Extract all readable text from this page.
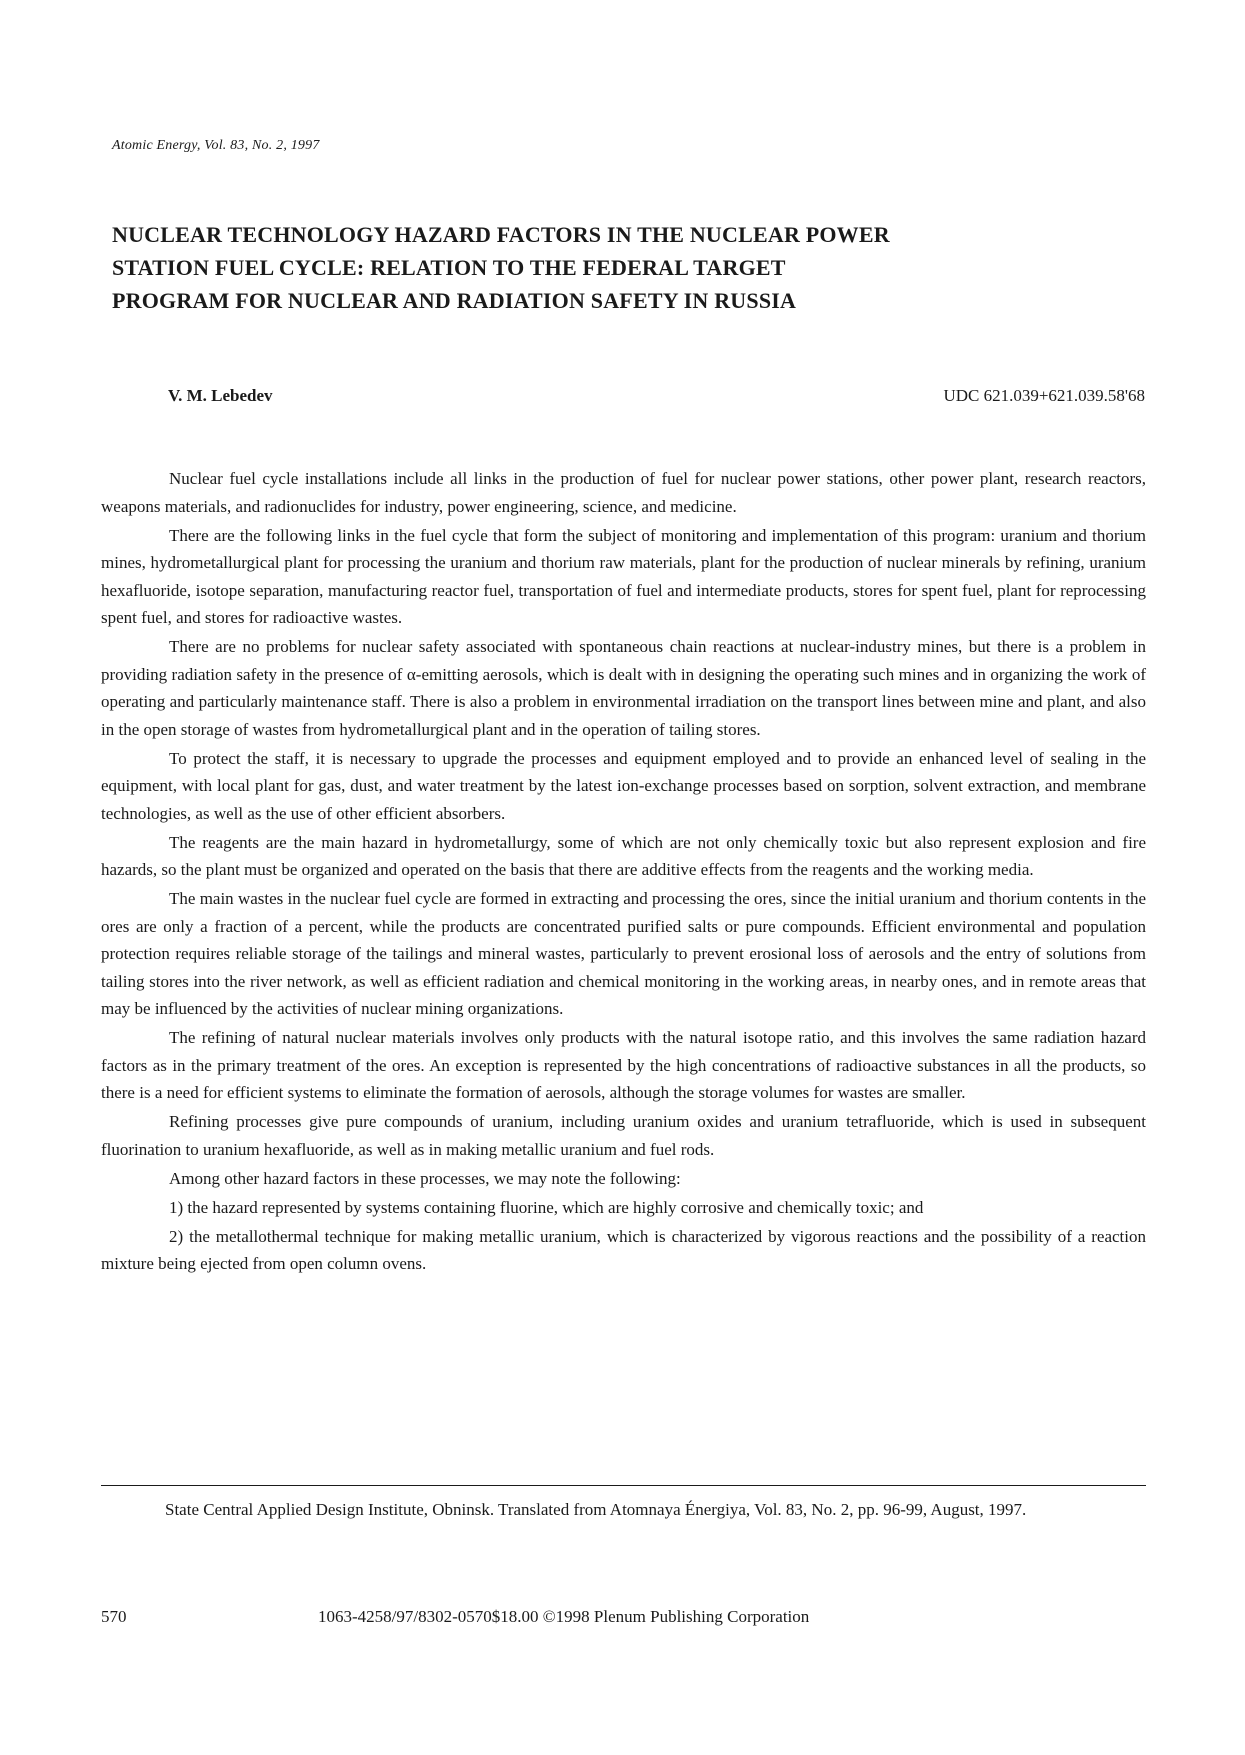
Atomic Energy, Vol. 83, No. 2, 1997
NUCLEAR TECHNOLOGY HAZARD FACTORS IN THE NUCLEAR POWER
STATION FUEL CYCLE: RELATION TO THE FEDERAL TARGET
PROGRAM FOR NUCLEAR AND RADIATION SAFETY IN RUSSIA
V. M. Lebedev	UDC 621.039+621.039.58'68

Nuclear fuel cycle installations include all links in the production of fuel for nuclear power stations, other power plant, research reactors, weapons materials, and radionuclides for industry, power engineering, science, and medicine.

There are the following links in the fuel cycle that form the subject of monitoring and implementation of this program: uranium and thorium mines, hydrometallurgical plant for processing the uranium and thorium raw materials, plant for the production of nuclear minerals by refining, uranium hexafluoride, isotope separation, manufacturing reactor fuel, transportation of fuel and intermediate products, stores for spent fuel, plant for reprocessing spent fuel, and stores for radioactive wastes.

There are no problems for nuclear safety associated with spontaneous chain reactions at nuclear-industry mines, but there is a problem in providing radiation safety in the presence of α-emitting aerosols, which is dealt with in designing the operating such mines and in organizing the work of operating and particularly maintenance staff. There is also a problem in environmental irradiation on the transport lines between mine and plant, and also in the open storage of wastes from hydrometallurgical plant and in the operation of tailing stores.

To protect the staff, it is necessary to upgrade the processes and equipment employed and to provide an enhanced level of sealing in the equipment, with local plant for gas, dust, and water treatment by the latest ion-exchange processes based on sorption, solvent extraction, and membrane technologies, as well as the use of other efficient absorbers.

The reagents are the main hazard in hydrometallurgy, some of which are not only chemically toxic but also represent explosion and fire hazards, so the plant must be organized and operated on the basis that there are additive effects from the reagents and the working media.

The main wastes in the nuclear fuel cycle are formed in extracting and processing the ores, since the initial uranium and thorium contents in the ores are only a fraction of a percent, while the products are concentrated purified salts or pure compounds. Efficient environmental and population protection requires reliable storage of the tailings and mineral wastes, particularly to prevent erosional loss of aerosols and the entry of solutions from tailing stores into the river network, as well as efficient radiation and chemical monitoring in the working areas, in nearby ones, and in remote areas that may be influenced by the activities of nuclear mining organizations.

The refining of natural nuclear materials involves only products with the natural isotope ratio, and this involves the same radiation hazard factors as in the primary treatment of the ores. An exception is represented by the high concentrations of radioactive substances in all the products, so there is a need for efficient systems to eliminate the formation of aerosols, although the storage volumes for wastes are smaller.

Refining processes give pure compounds of uranium, including uranium oxides and uranium tetrafluoride, which is used in subsequent fluorination to uranium hexafluoride, as well as in making metallic uranium and fuel rods.

Among other hazard factors in these processes, we may note the following:

1) the hazard represented by systems containing fluorine, which are highly corrosive and chemically toxic; and

2) the metallothermal technique for making metallic uranium, which is characterized by vigorous reactions and the possibility of a reaction mixture being ejected from open column ovens.

State Central Applied Design Institute, Obninsk. Translated from Atomnaya Énergiya, Vol. 83, No. 2, pp. 96-99, August, 1997.
570	1063-4258/97/8302-0570$18.00 ©1998 Plenum Publishing Corporation
